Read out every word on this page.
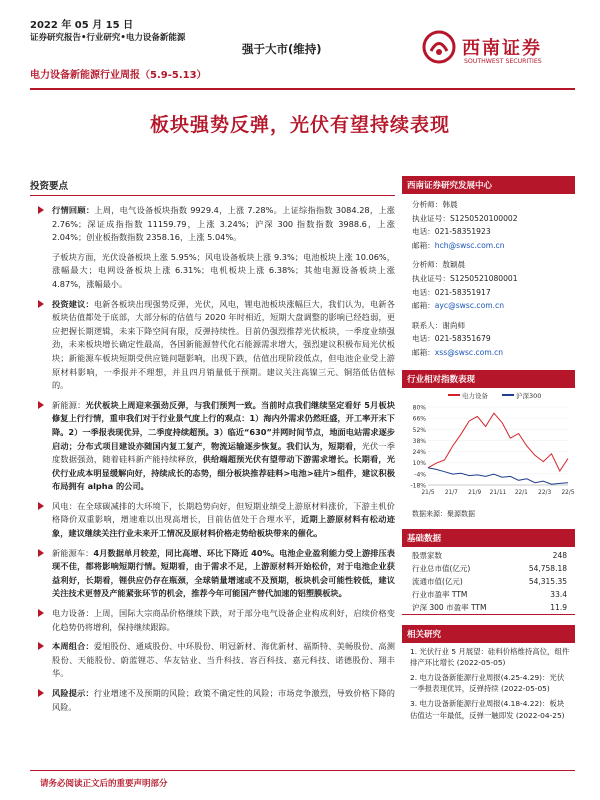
2022 年 05 月 15 日
证券研究报告•行业研究•电力设备新能源
强于大市(维持)
电力设备新能源行业周报（5.9-5.13）
西南证券
SOUTHWEST SECURITIES
板块强势反弹，光伏有望持续表现
投资要点
行情回顾：上周，电气设备板块指数 9929.4，上涨 7.28%。上证综指指数 3084.28，上涨 2.76%；深证成指指数 11159.79，上涨 3.24%；沪深 300 指数指数 3988.6，上涨 2.04%；创业板指数指数 2358.16，上涨 5.04%。
子板块方面，光伏设备板块上涨 5.95%；风电设备板块上涨 9.3%；电池板块上涨 10.06%，涨幅最大；电网设备板块上涨 6.31%；电机板块上涨 6.38%；其他电源设备板块上涨 4.87%，涨幅最小。
投资建议：电新各板块出现强势反弹，光伏，风电，锂电池板块涨幅巨大，我们认为，电新各板块估值都处于底部，大部分标的估值与 2020 年时相近，短期大盘调整的影响已经趋弱，更应把握长期逻辑，未来下降空间有限，反弹持续性。目前仍强烈推荐光伏板块，一季度业绩强劲，未来板块增长确定性最高，各国新能源替代化石能源需求增大，强烈建议积极布局光伏板块；新能源车板块短期受供应链问题影响，出现下跌，估值出现阶段低点，但电池企业受上游原材料影响，一季报并不理想，并且四月销量低于预期。建议关注高镍三元、铜箔低估值标的。
新能源：光伏板块上周迎来强劲反弹，与我们预判一致。当前时点我们继续坚定看好 5月板块修复上行行情，重申我们对于行业景气度上行的观点：1）海内外需求仍然旺盛，开工率开末下降。2）一季报表现优异，二季度持续超预。3）临近“630”并网时间节点，地面电站需求逐步启动；分布式项目建设亦随国内复工复产，物流运输逐步恢复。我们认为，短期看，光伏一季度数据强劲，随着硅料新产能持续释放，供给端超预光伏有望带动下游需求增长。长期看，光伏行业成本明显缓解向好，持续成长的态势，细分板块推荐硅料>电池>硅片>组件，建议积极布局拥有 alpha 的公司。
风电：在全球碳减排的大环境下，长期趋势向好，但短期业绩受上游原材料涨价，下游主机价格降价双重影响，增速难以出现高增长，目前估值处于合理水平，近期上游原材料有松动迹象，建议继续关注行业未来开工情况及原材料价格走势给板块带来的催化。
新能源车：4月数据单月较差，同比高增、环比下降近 40%。电池企业盈利能力受上游排压表现不佳，都将影响短期行情。短期看，由于需求不足，上游原材料开始松价，对于电池企业获益利好，长期看，锂供应仍存在瓶颈，全球销量增速或不及预期，板块机会可能性较低，建议关注技术更替及产能紧张环节的机会，推荐今年可能国产替代加速的铝塑膜板块。
电力设备：上周，国际大宗商品价格继续下跌，对于部分电气设备企业构成利好，启续价格变化趋势仍将增利，保持继续跟踪。
本周组合：爱旭股份、通威股份、中环股份、明冠新材、海优新材、福斯特、美畅股份、高测股份、天能股份、蔚蓝锂芯、华友钴业、当升科技、容百科技、嘉元科技、诺德股份、翔丰华。
风险提示：行业增速不及预期的风险；政策不确定性的风险；市场竞争激烈，导致价格下降的风险。
西南证券研究发展中心
分析师：韩晨
执业证号：S1250520100002
电话：021-58351923
邮箱：hch@swsc.com.cn
分析师：敖颖晨
执业证号：S1250521080001
电话：021-58351917
邮箱：ayc@swsc.com.cn
联系人：谢尚师
电话：021-58351679
邮箱：xss@swsc.com.cn
行业相对指数表现
电力设备	沪深300
80%
66%
52%
38%
24%
10%
-4%
-18%
21/5 21/7 21/9 21/11 22/1 22/3 22/5
数据来源：聚源数据
基础数据
股票家数	248
行业总市值(亿元)	54,758.18
流通市值(亿元)	54,315.35
行业市盈率 TTM	33.4
沪深 300 市盈率 TTM	11.9
相关研究
1. 光伏行业 5 月展望：硅料价格维持高位，组件排产环比增长 (2022-05-05)
2. 电力设备新能源行业周报(4.25-4.29)：光伏一季报表现优异，反弹持续 (2022-05-05)
3. 电力设备新能源行业周报(4.18-4.22)：板块估值达一年最低，反弹一触即发 (2022-04-25)
请务必阅读正文后的重要声明部分
